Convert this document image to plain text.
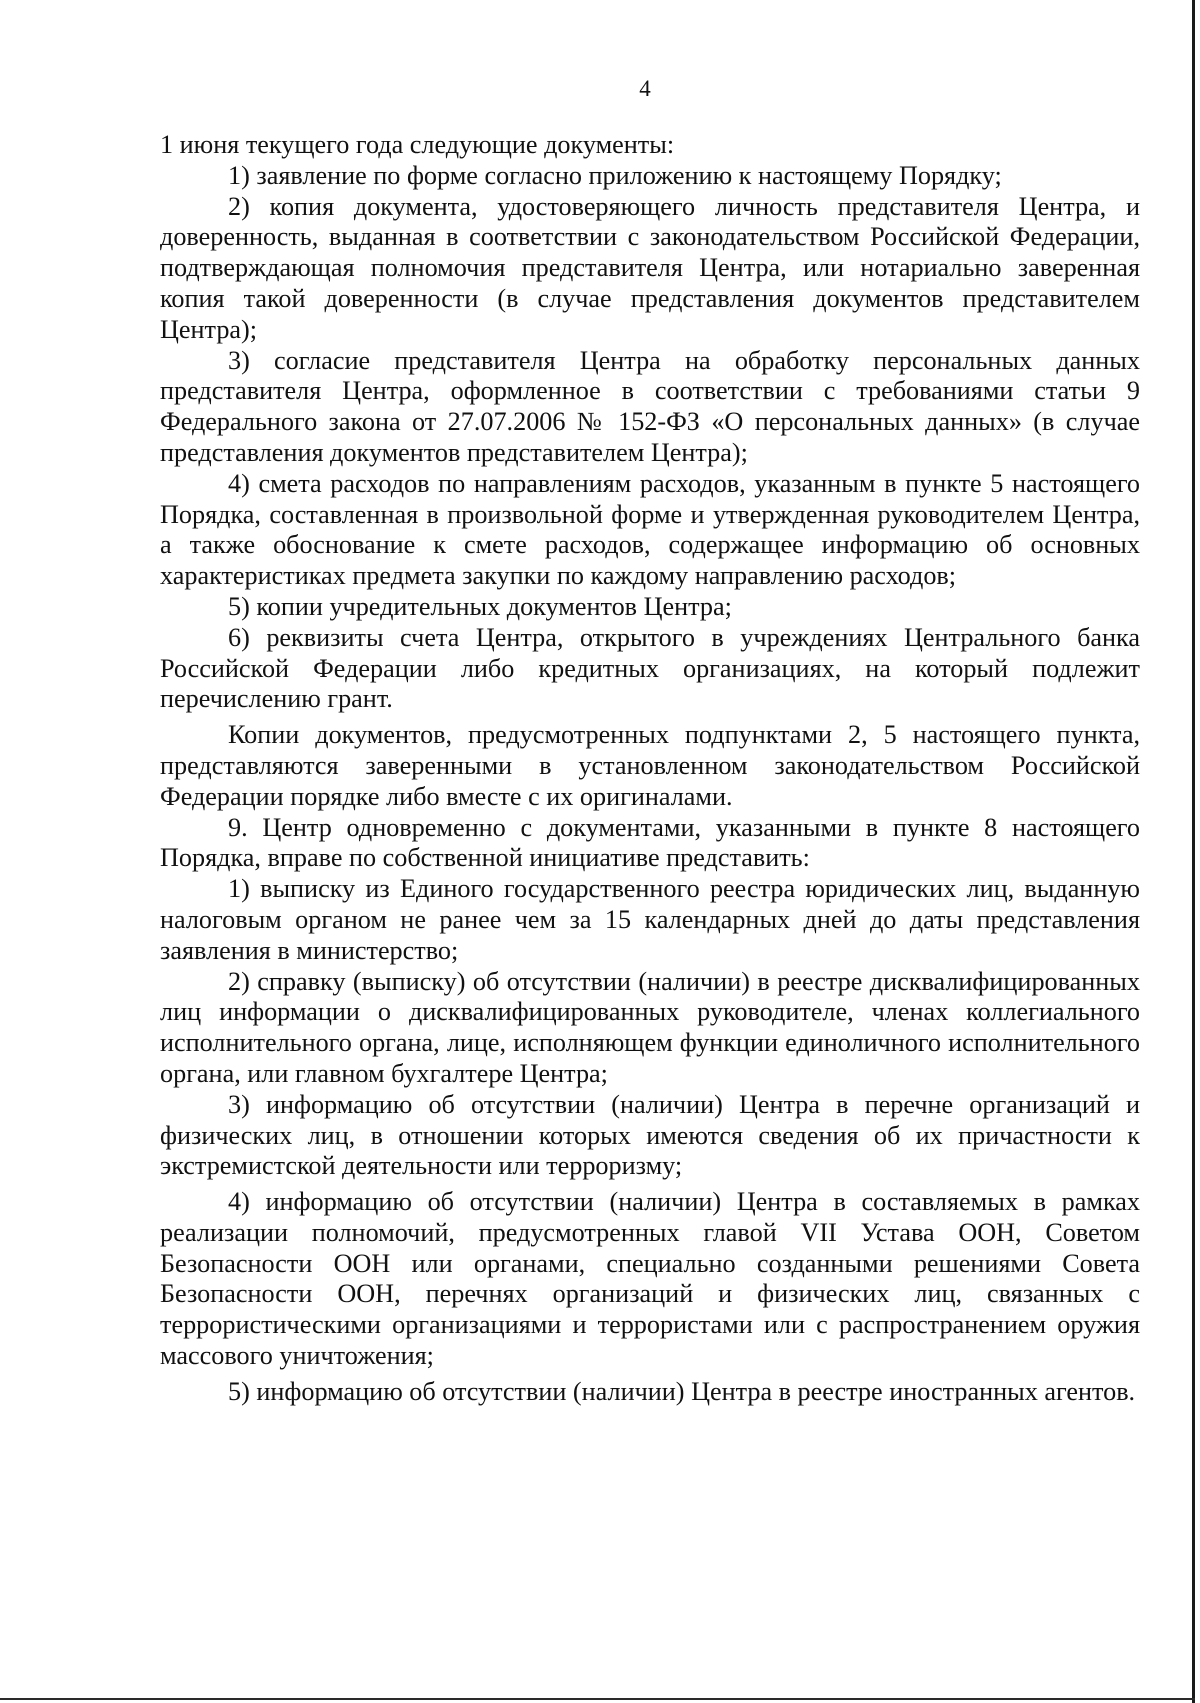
4

1 июня текущего года следующие документы:

1) заявление по форме согласно приложению к настоящему Порядку;

2) копия документа, удостоверяющего личность представителя Центра, и доверенность, выданная в соответствии с законодательством Российской Федерации, подтверждающая полномочия представителя Центра, или нотариально заверенная копия такой доверенности (в случае представления документов представителем Центра);

3) согласие представителя Центра на обработку персональных данных представителя Центра, оформленное в соответствии с требованиями статьи 9 Федерального закона от 27.07.2006 № 152-ФЗ «О персональных данных» (в случае представления документов представителем Центра);

4) смета расходов по направлениям расходов, указанным в пункте 5 настоящего Порядка, составленная в произвольной форме и утвержденная руководителем Центра, а также обоснование к смете расходов, содержащее информацию об основных характеристиках предмета закупки по каждому направлению расходов;

5) копии учредительных документов Центра;

6) реквизиты счета Центра, открытого в учреждениях Центрального банка Российской Федерации либо кредитных организациях, на который подлежит перечислению грант.

Копии документов, предусмотренных подпунктами 2, 5 настоящего пункта, представляются заверенными в установленном законодательством Российской Федерации порядке либо вместе с их оригиналами.

9. Центр одновременно с документами, указанными в пункте 8 настоящего Порядка, вправе по собственной инициативе представить:

1) выписку из Единого государственного реестра юридических лиц, выданную налоговым органом не ранее чем за 15 календарных дней до даты представления заявления в министерство;

2) справку (выписку) об отсутствии (наличии) в реестре дисквалифицированных лиц информации о дисквалифицированных руководителе, членах коллегиального исполнительного органа, лице, исполняющем функции единоличного исполнительного органа, или главном бухгалтере Центра;

3) информацию об отсутствии (наличии) Центра в перечне организаций и физических лиц, в отношении которых имеются сведения об их причастности к экстремистской деятельности или терроризму;

4) информацию об отсутствии (наличии) Центра в составляемых в рамках реализации полномочий, предусмотренных главой VII Устава ООН, Советом Безопасности ООН или органами, специально созданными решениями Совета Безопасности ООН, перечнях организаций и физических лиц, связанных с террористическими организациями и террористами или с распространением оружия массового уничтожения;

5) информацию об отсутствии (наличии) Центра в реестре иностранных агентов.
